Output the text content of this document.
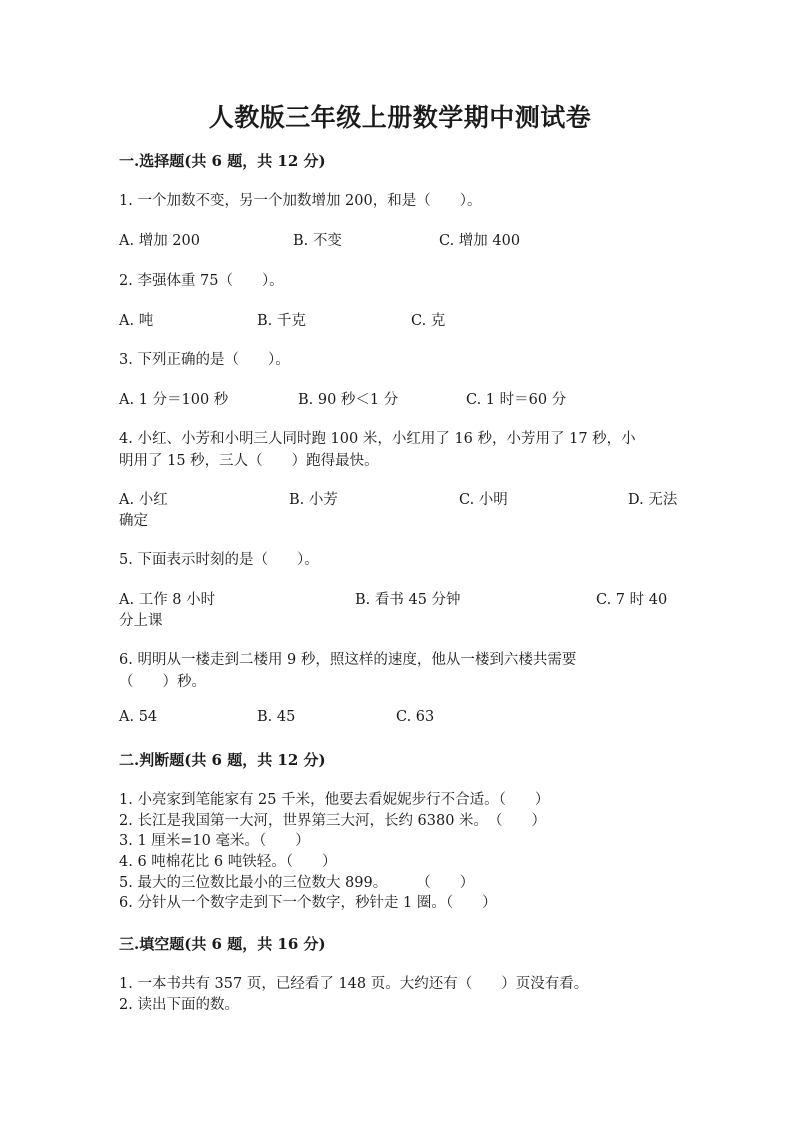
人教版三年级上册数学期中测试卷
一.选择题(共 6 题，共 12 分)
1. 一个加数不变，另一个加数增加 200，和是（　　）。
A. 增加 200	B. 不变	C. 增加 400
2. 李强体重 75（　　）。
A. 吨	B. 千克	C. 克
3. 下列正确的是（　　）。
A. 1 分＝100 秒	B. 90 秒＜1 分	C. 1 时＝60 分
4. 小红、小芳和小明三人同时跑 100 米，小红用了 16 秒，小芳用了 17 秒，小
明用了 15 秒，三人（　　）跑得最快。
A. 小红	B. 小芳	C. 小明	D. 无法
确定
5. 下面表示时刻的是（　　）。
A. 工作 8 小时	B. 看书 45 分钟	C. 7 时 40
分上课
6. 明明从一楼走到二楼用 9 秒，照这样的速度，他从一楼到六楼共需要
（　　）秒。
A. 54	B. 45	C. 63
二.判断题(共 6 题，共 12 分)
1. 小亮家到笔能家有 25 千米，他要去看妮妮步行不合适。（　　）
2. 长江是我国第一大河，世界第三大河，长约 6380 米。　（　　）
3. 1 厘米=10 毫米。（　　）
4. 6 吨棉花比 6 吨铁轻。（　　）
5. 最大的三位数比最小的三位数大 899。　　　（　　）
6. 分针从一个数字走到下一个数字，秒针走 1 圈。（　　）
三.填空题(共 6 题，共 16 分)
1. 一本书共有 357 页，已经看了 148 页。大约还有（　　）页没有看。
2. 读出下面的数。
